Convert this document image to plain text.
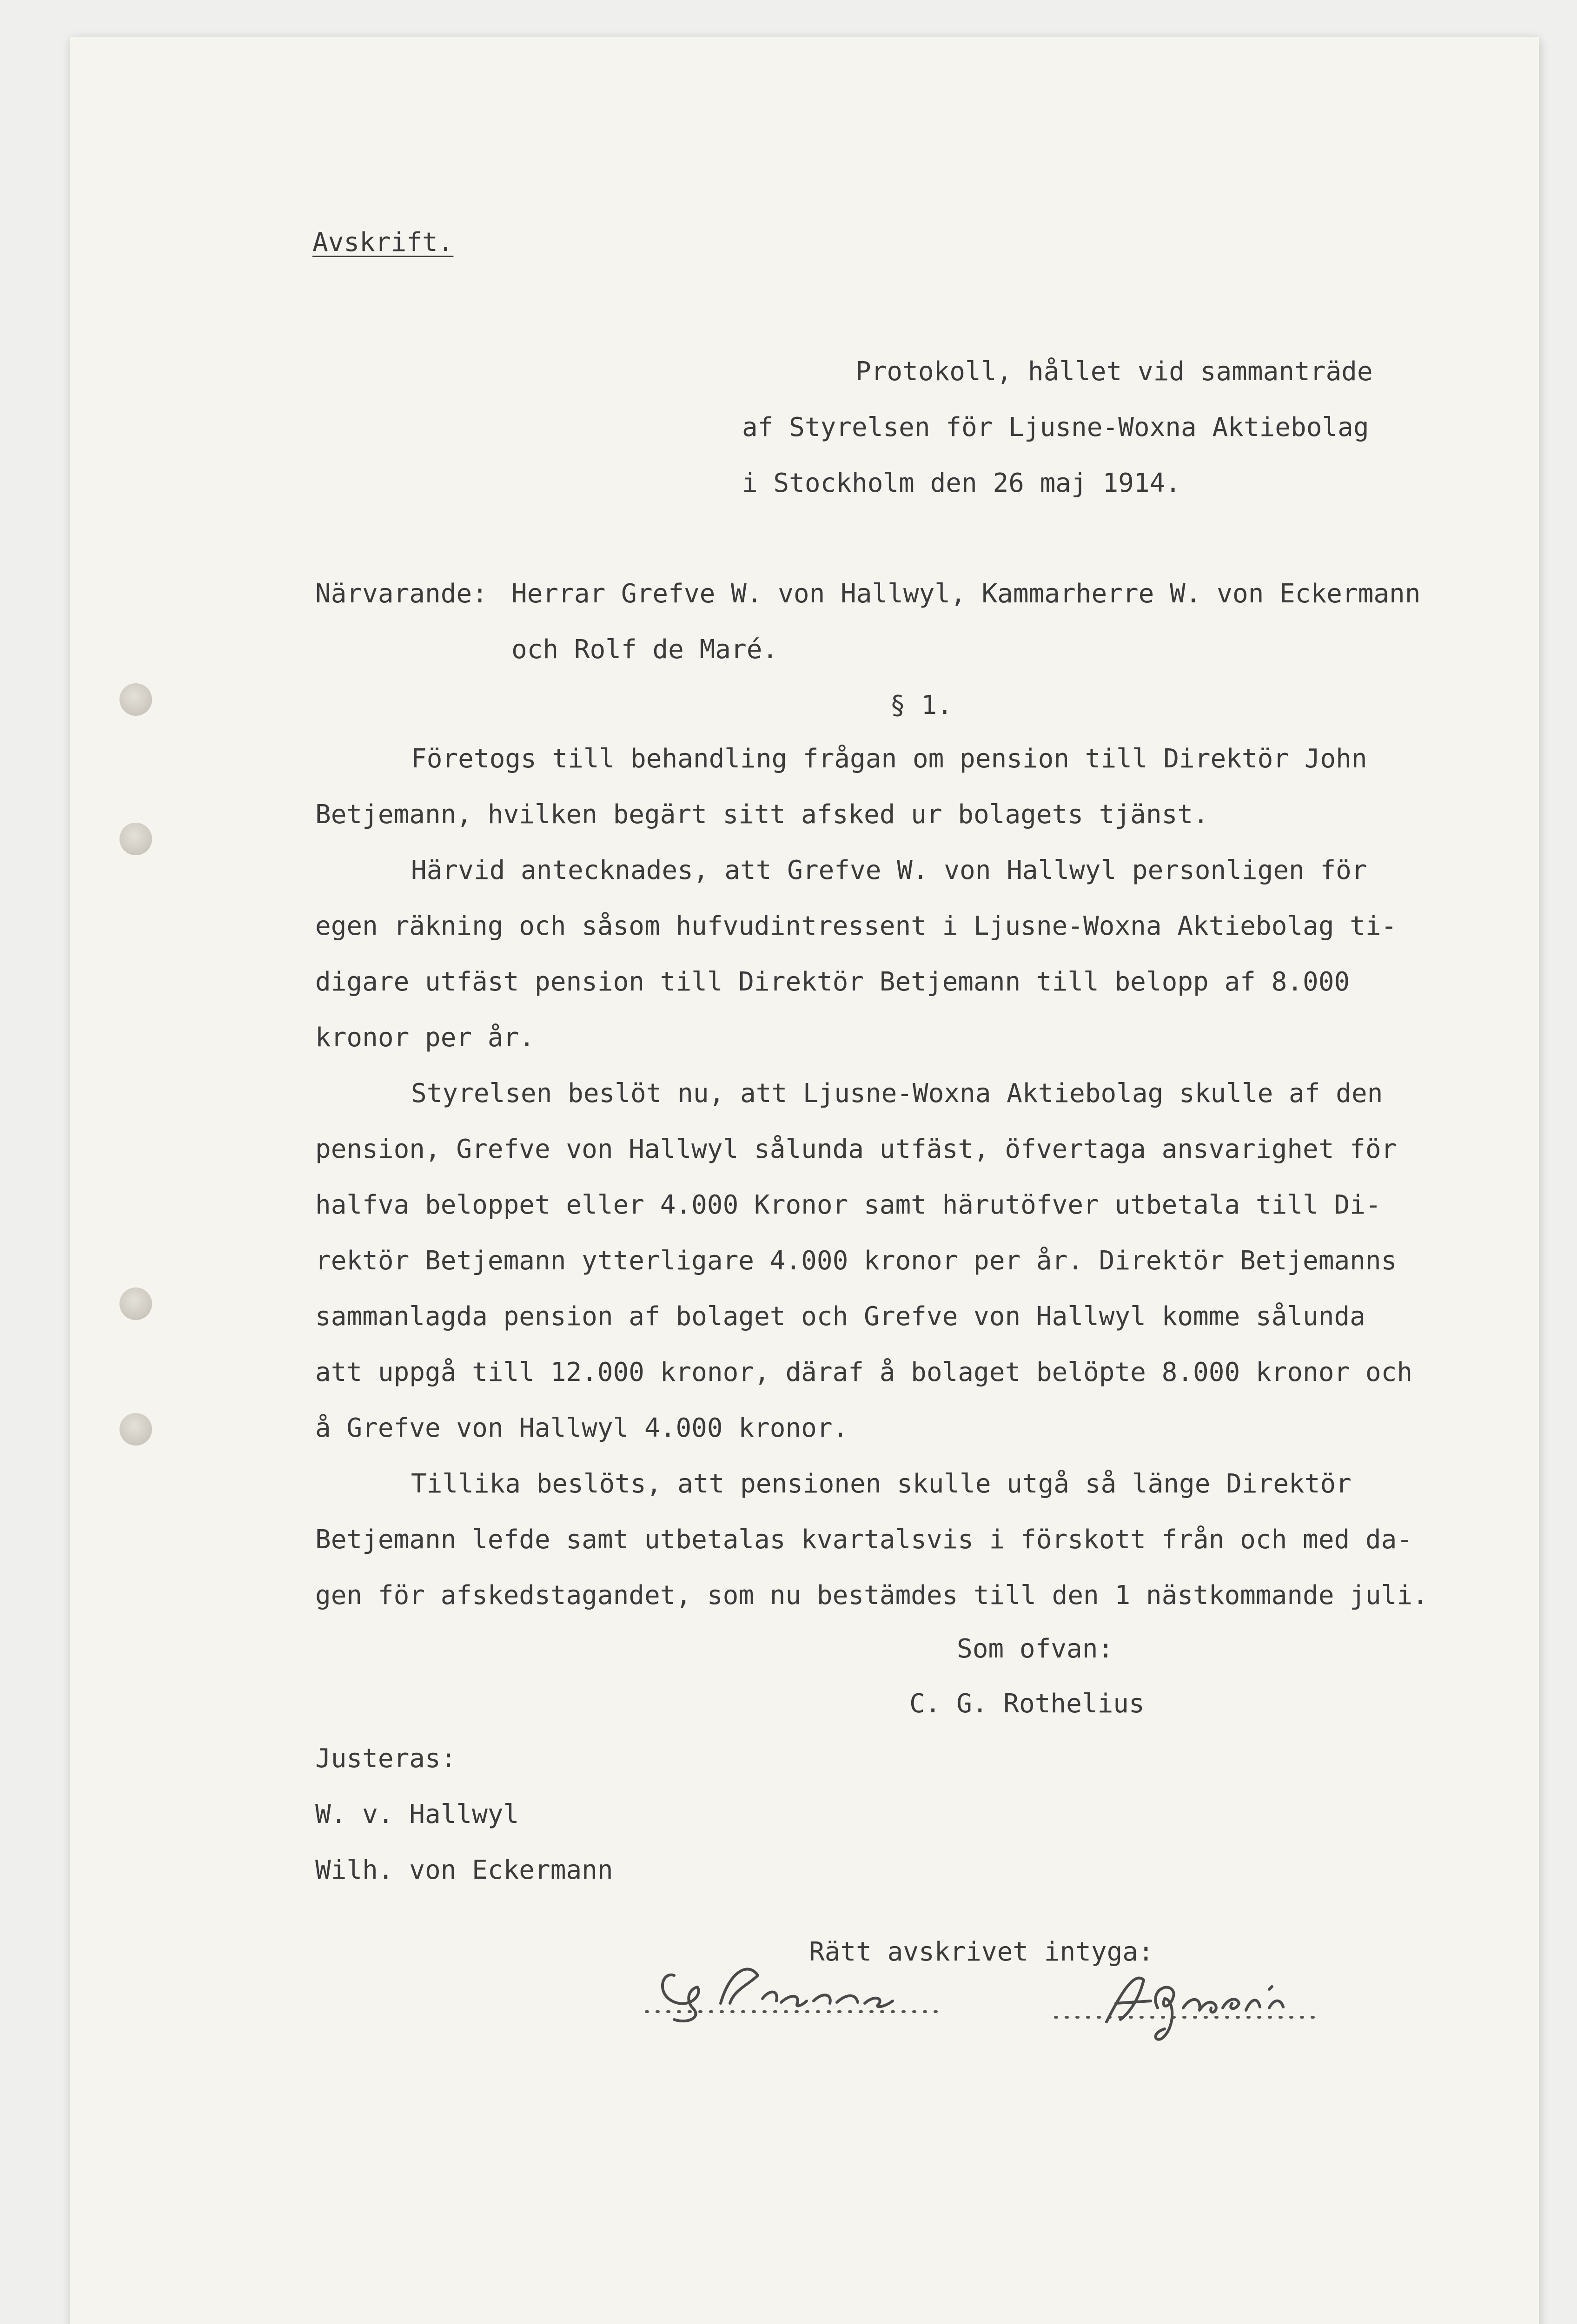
Avskrift.
Protokoll, hållet vid sammanträde
af Styrelsen för Ljusne-Woxna Aktiebolag
i Stockholm den 26 maj 1914.
Närvarande: Herrar Grefve W. von Hallwyl, Kammarherre W. von Eckermann
och Rolf de Maré.
§ 1.
Företogs till behandling frågan om pension till Direktör John
Betjemann, hvilken begärt sitt afsked ur bolagets tjänst.
Härvid antecknades, att Grefve W. von Hallwyl personligen för
egen räkning och såsom hufvudintressent i Ljusne-Woxna Aktiebolag ti-
digare utfäst pension till Direktör Betjemann till belopp af 8.000
kronor per år.
Styrelsen beslöt nu, att Ljusne-Woxna Aktiebolag skulle af den
pension, Grefve von Hallwyl sålunda utfäst, öfvertaga ansvarighet för
halfva beloppet eller 4.000 Kronor samt härutöfver utbetala till Di-
rektör Betjemann ytterligare 4.000 kronor per år. Direktör Betjemanns
sammanlagda pension af bolaget och Grefve von Hallwyl komme sålunda
att uppgå till 12.000 kronor, däraf å bolaget belöpte 8.000 kronor och
å Grefve von Hallwyl 4.000 kronor.
Tillika beslöts, att pensionen skulle utgå så länge Direktör
Betjemann lefde samt utbetalas kvartalsvis i förskott från och med da-
gen för afskedstagandet, som nu bestämdes till den 1 nästkommande juli.
Som ofvan:
C. G. Rothelius
Justeras:
W. v. Hallwyl
Wilh. von Eckermann
Rätt avskrivet intyga:
